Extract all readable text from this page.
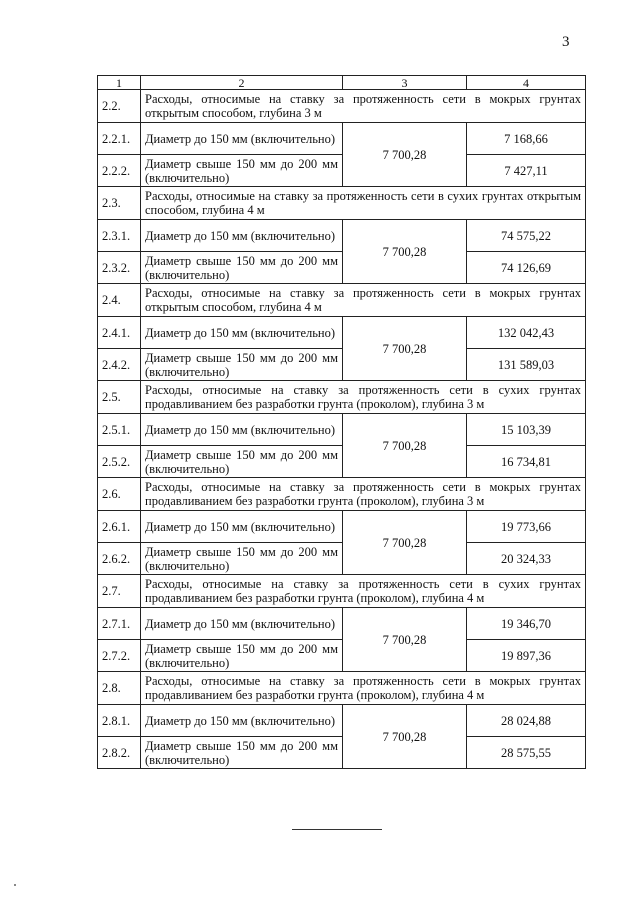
3
1	2	3	4
2.2.	Расходы, относимые на ставку за протяженность сети в мокрых грунтах открытым способом, глубина 3 м		
2.2.1.	Диаметр до 150 мм (включительно)	7 700,28	7 168,66
2.2.2.	Диаметр свыше 150 мм до 200 мм (включительно)		7 427,11
2.3.	Расходы, относимые на ставку за протяженность сети в сухих грунтах открытым способом, глубина 4 м		
2.3.1.	Диаметр до 150 мм (включительно)	7 700,28	74 575,22
2.3.2.	Диаметр свыше 150 мм до 200 мм (включительно)		74 126,69
2.4.	Расходы, относимые на ставку за протяженность сети в мокрых грунтах открытым способом, глубина 4 м		
2.4.1.	Диаметр до 150 мм (включительно)	7 700,28	132 042,43
2.4.2.	Диаметр свыше 150 мм до 200 мм (включительно)		131 589,03
2.5.	Расходы, относимые на ставку за протяженность сети в сухих грунтах продавливанием без разработки грунта (проколом), глубина 3 м		
2.5.1.	Диаметр до 150 мм (включительно)	7 700,28	15 103,39
2.5.2.	Диаметр свыше 150 мм до 200 мм (включительно)		16 734,81
2.6.	Расходы, относимые на ставку за протяженность сети в мокрых грунтах продавливанием без разработки грунта (проколом), глубина 3 м		
2.6.1.	Диаметр до 150 мм (включительно)	7 700,28	19 773,66
2.6.2.	Диаметр свыше 150 мм до 200 мм (включительно)		20 324,33
2.7.	Расходы, относимые на ставку за протяженность сети в сухих грунтах продавливанием без разработки грунта (проколом), глубина 4 м		
2.7.1.	Диаметр до 150 мм (включительно)	7 700,28	19 346,70
2.7.2.	Диаметр свыше 150 мм до 200 мм (включительно)		19 897,36
2.8.	Расходы, относимые на ставку за протяженность сети в мокрых грунтах продавливанием без разработки грунта (проколом), глубина 4 м		
2.8.1.	Диаметр до 150 мм (включительно)	7 700,28	28 024,88
2.8.2.	Диаметр свыше 150 мм до 200 мм (включительно)		28 575,55
